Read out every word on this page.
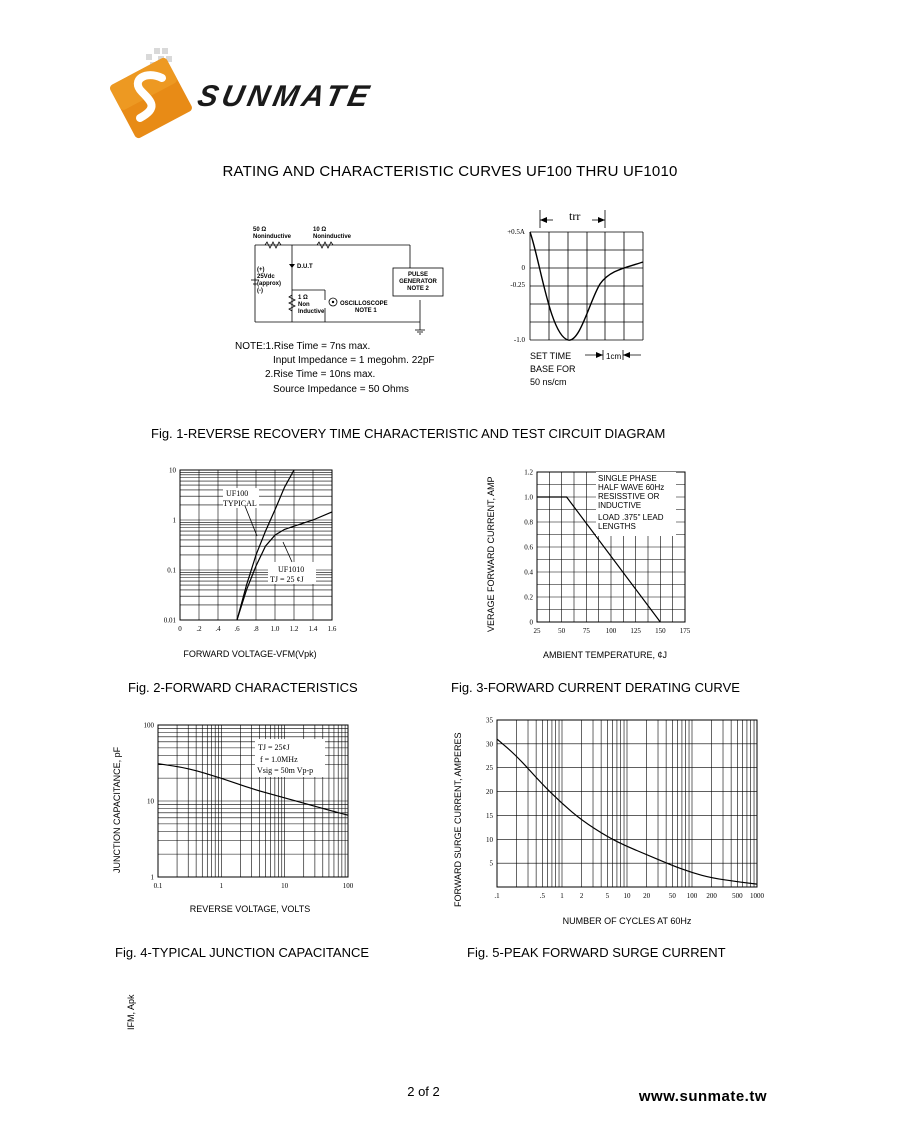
SUNMATE
RATING AND CHARACTERISTIC CURVES UF100 THRU UF1010
50 Ω
Noninductive
10 Ω
Noninductive
(+)
25Vdc
(approx)
(-)
D.U.T
1 Ω
Non
Inductive
PULSE
GENERATOR
NOTE 2
OSCILLOSCOPE
NOTE 1
NOTE:1.Rise Time = 7ns max.
Input Impedance = 1 megohm. 22pF
2.Rise Time = 10ns max.
Source Impedance = 50 Ohms
trr
+0.5A
0
-0.25
-1.0
SET TIME
BASE FOR
50 ns/cm
1cm
Fig. 1-REVERSE RECOVERY TIME CHARACTERISTIC AND TEST CIRCUIT DIAGRAM
0 .2 .4 .6 .8 1.0 1.2 1.4 1.6
0.01
0.1
1
10
IFM, Apk
FORWARD VOLTAGE-VFM(Vpk)
UF100
TYPICAL
UF1010
TJ = 25 ¢J
Fig. 2-FORWARD CHARACTERISTICS
25	50	75 100 125 150 175
0
0.2
0.4
0.6
0.8
1.0
1.2
VERAGE FORWARD CURRENT, AMP
AMBIENT TEMPERATURE, ¢J
SINGLE PHASE
HALF WAVE 60Hz
RESISSTIVE OR
INDUCTIVE
LOAD .375" LEAD
LENGTHS
Fig. 3-FORWARD CURRENT DERATING CURVE
0.1	1	10	100
1
10
100
JUNCTION CAPACITANCE, pF
REVERSE VOLTAGE, VOLTS
TJ = 25¢J
f = 1.0MHz
Vsig = 50m Vp-p
Fig. 4-TYPICAL JUNCTION CAPACITANCE
.1	.5 1 2	5 10 20	50 100 200 500 1000
5
10
15
20
25
30
35
FORWARD SURGE CURRENT, AMPERES
NUMBER OF CYCLES AT 60Hz
Fig. 5-PEAK FORWARD SURGE CURRENT
2 of 2	www.sunmate.tw
